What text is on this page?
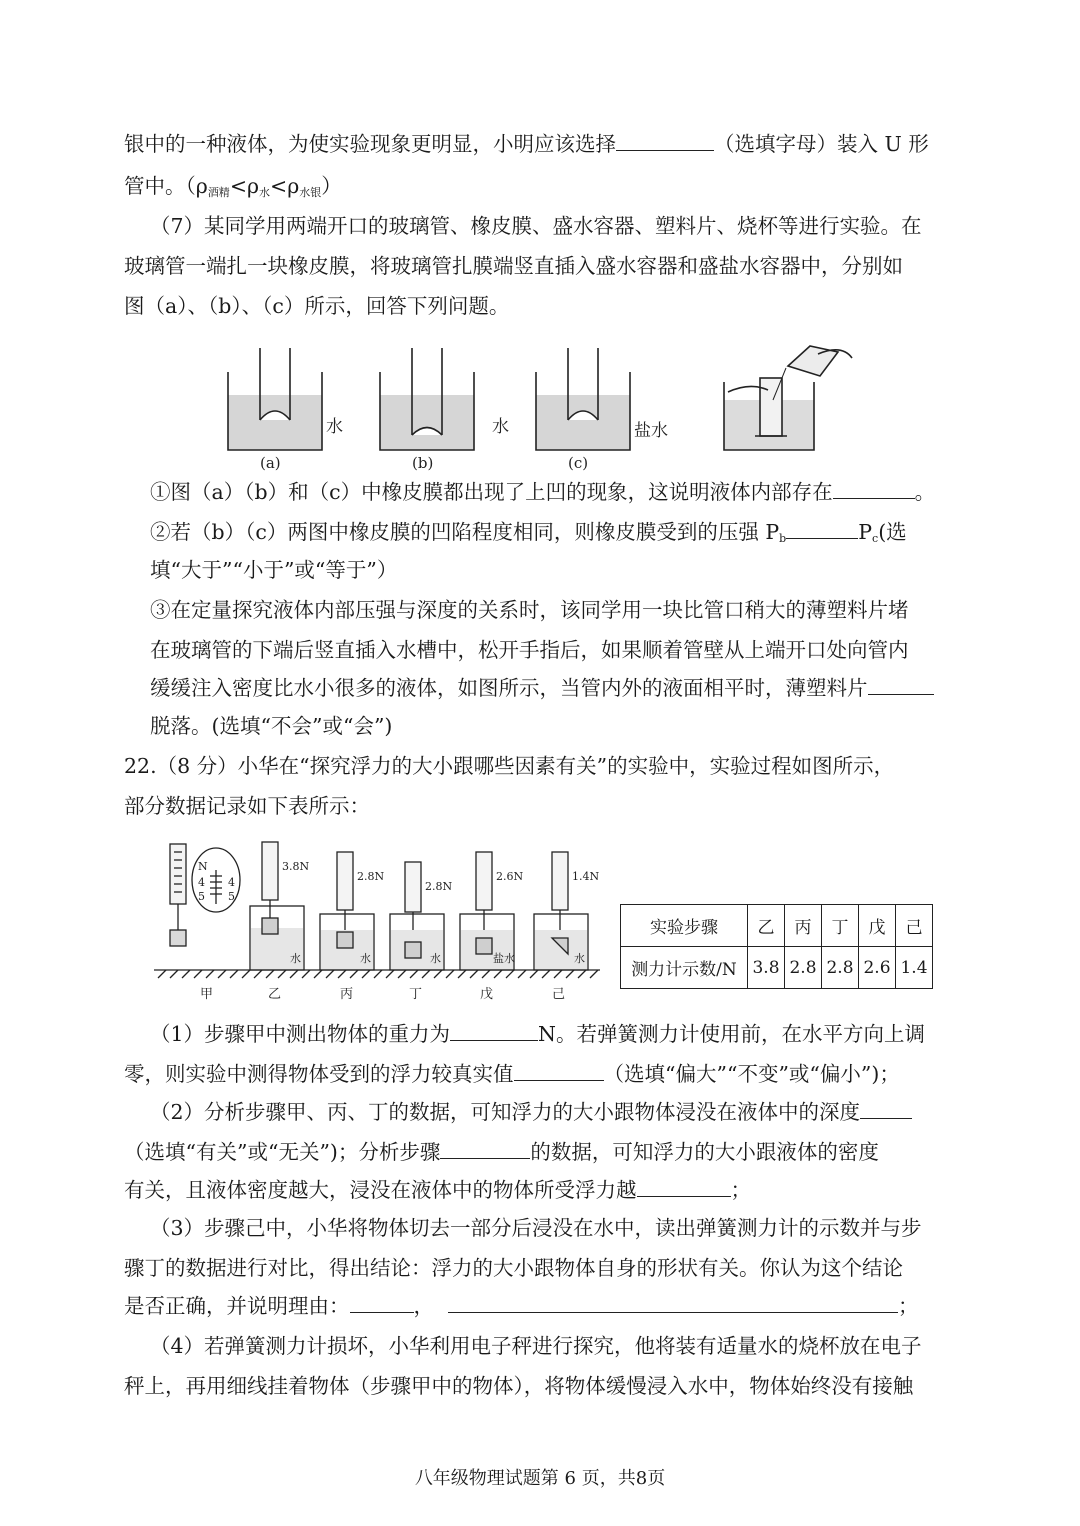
银中的一种液体，为使实验现象更明显，小明应该选择	（选填字母）装入 U 形
管中。$(\rho_{酒精}<\rho_水<\rho_{水银})$
（7）某同学用两端开口的玻璃管、橡皮膜、盛水容器、塑料片、烧杯等进行实验。在
玻璃管一端扎一块橡皮膜，将玻璃管扎膜端竖直插入盛水容器和盛盐水容器中，分别如
图（a）、（b）、（c）所示，回答下列问题。
水	水	盐水
(a)	(b)	(c)
①图（a）（b）和（c）中橡皮膜都出现了上凹的现象，这说明液体内部存在	。
②若（b）（c）两图中橡皮膜的凹陷程度相同，则橡皮膜受到的压强 $P_b$	$P_c$(选
填“大于”“小于”或“等于”）
③在定量探究液体内部压强与深度的关系时，该同学用一块比管口稍大的薄塑料片堵
在玻璃管的下端后竖直插入水槽中，松开手指后，如果顺着管壁从上端开口处向管内
缓缓注入密度比水小很多的液体，如图所示，当管内外的液面相平时，薄塑料片
脱落。(选填“不会”或“会”)
22.（8 分）小华在“探究浮力的大小跟哪些因素有关”的实验中，实验过程如图所示，
部分数据记录如下表所示：
N
4
5
4
5
3.8N
2.8N
2.8N
2.6N	1.4N
水	水	水	盐水	水
甲	乙	丙	丁	戊	己
实验步骤	乙	丙	丁	戊	己
测力计示数/N	3.8	2.8	2.8	2.6	1.4
（1）步骤甲中测出物体的重力为	N。若弹簧测力计使用前，在水平方向上调
零，则实验中测得物体受到的浮力较真实值	（选填“偏大”“不变”或“偏小”)；
（2）分析步骤甲、丙、丁的数据，可知浮力的大小跟物体浸没在液体中的深度
（选填“有关”或“无关”)；分析步骤	的数据，可知浮力的大小跟液体的密度
有关，且液体密度越大，浸没在液体中的物体所受浮力越	；
（3）步骤己中，小华将物体切去一部分后浸没在水中，读出弹簧测力计的示数并与步
骤丁的数据进行对比，得出结论：浮力的大小跟物体自身的形状有关。你认为这个结论
是否正确，并说明理由：	，	；
（4）若弹簧测力计损坏，小华利用电子秤进行探究，他将装有适量水的烧杯放在电子
秤上，再用细线挂着物体（步骤甲中的物体），将物体缓慢浸入水中，物体始终没有接触
八年级物理试题第 6 页，共8页
